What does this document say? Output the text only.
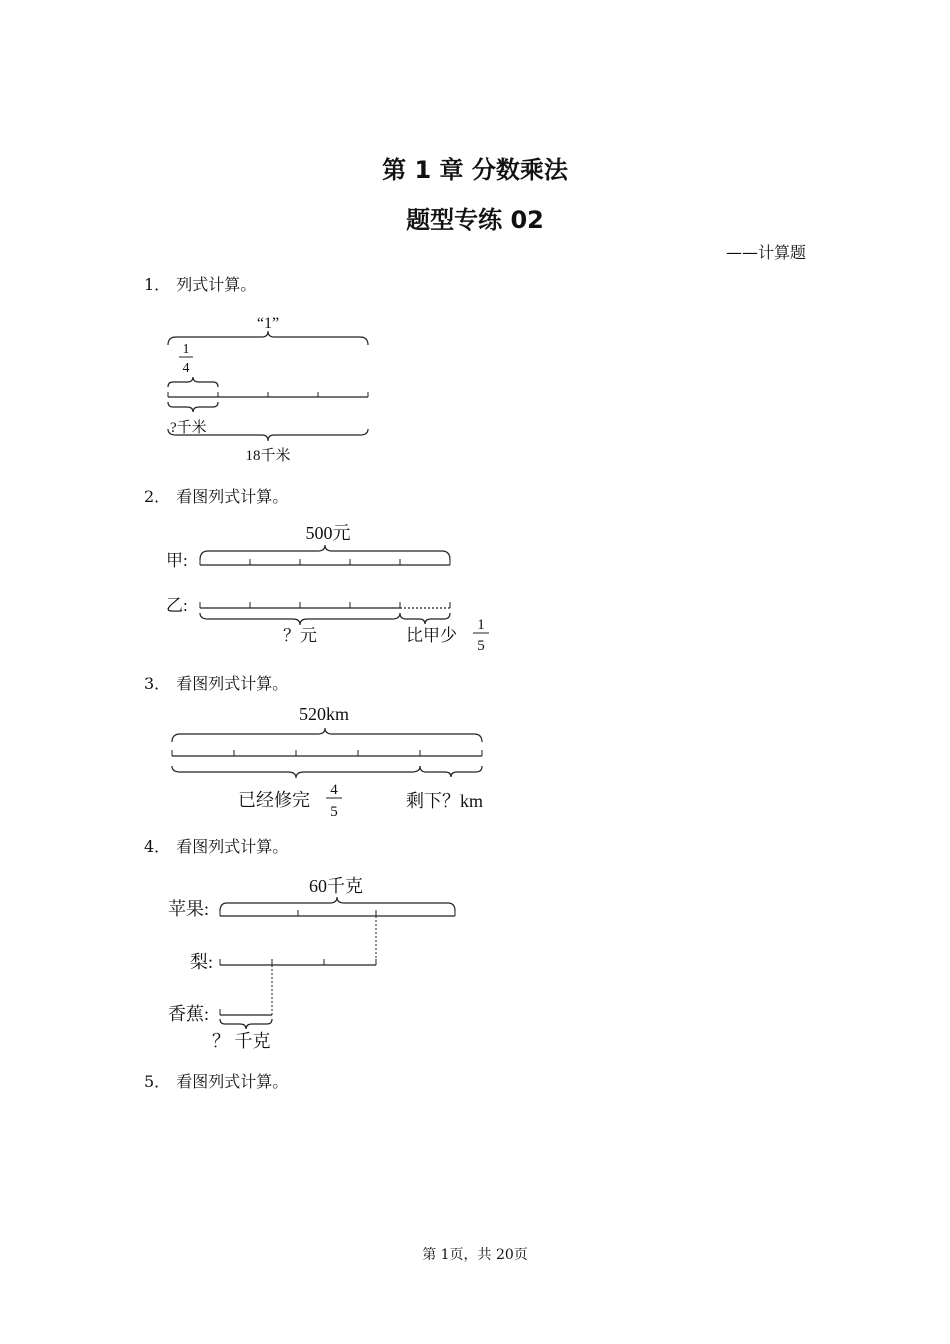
第 1 章 分数乘法
题型专练 02
——计算题
1． 列式计算。
“1”
1
4
?千米
18千米
2． 看图列式计算。
500元
甲:
乙:
？元	比甲少
1
5
3． 看图列式计算。
520km
已经修完 4
5
剩下？km
4． 看图列式计算。
60千克
苹果:
梨:
香蕉:
？ 千克
5． 看图列式计算。
第 1页，共 20页
